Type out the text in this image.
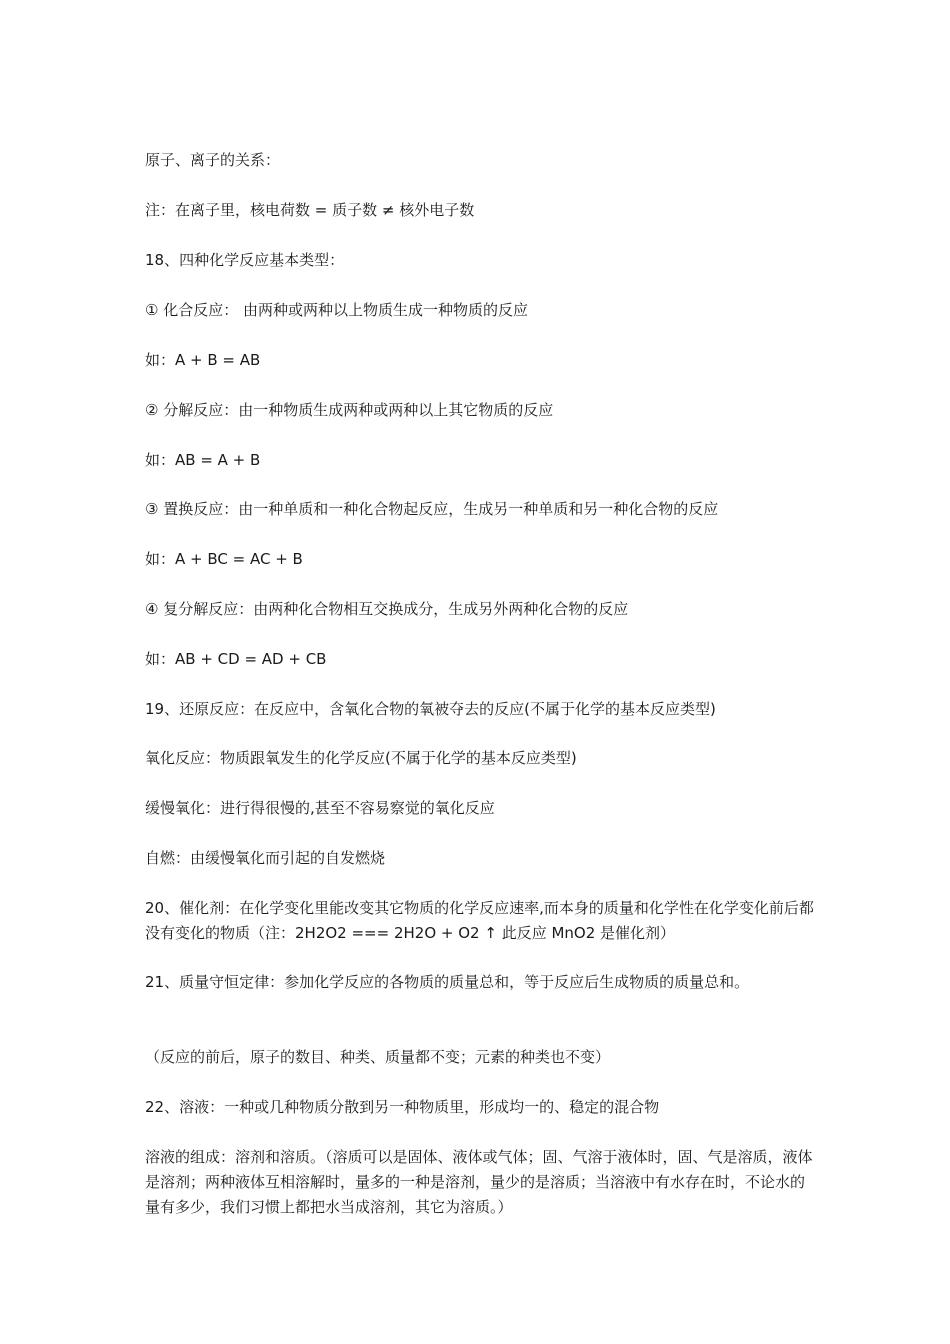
原子、离子的关系：
注：在离子里，核电荷数 = 质子数 ≠ 核外电子数
18、四种化学反应基本类型：
① 化合反应： 由两种或两种以上物质生成一种物质的反应
如：A + B = AB
② 分解反应：由一种物质生成两种或两种以上其它物质的反应
如：AB = A + B
③ 置换反应：由一种单质和一种化合物起反应，生成另一种单质和另一种化合物的反应
如：A + BC = AC + B
④ 复分解反应：由两种化合物相互交换成分，生成另外两种化合物的反应
如：AB + CD = AD + CB
19、还原反应：在反应中，含氧化合物的氧被夺去的反应(不属于化学的基本反应类型)
氧化反应：物质跟氧发生的化学反应(不属于化学的基本反应类型)
缓慢氧化：进行得很慢的,甚至不容易察觉的氧化反应
自燃：由缓慢氧化而引起的自发燃烧
20、催化剂：在化学变化里能改变其它物质的化学反应速率,而本身的质量和化学性在化学变化前后都没有变化的物质（注：2H2O2 === 2H2O + O2 ↑ 此反应 MnO2 是催化剂）
21、质量守恒定律：参加化学反应的各物质的质量总和，等于反应后生成物质的质量总和。
（反应的前后，原子的数目、种类、质量都不变；元素的种类也不变）
22、溶液：一种或几种物质分散到另一种物质里，形成均一的、稳定的混合物
溶液的组成：溶剂和溶质。（溶质可以是固体、液体或气体；固、气溶于液体时，固、气是溶质，液体是溶剂；两种液体互相溶解时，量多的一种是溶剂，量少的是溶质；当溶液中有水存在时，不论水的量有多少，我们习惯上都把水当成溶剂，其它为溶质。）
